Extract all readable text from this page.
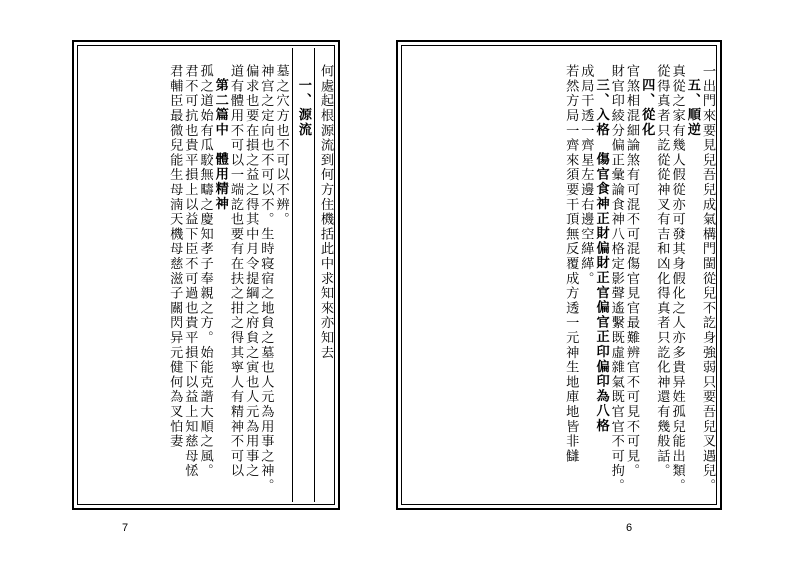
一出門來要見兒吾兒成氣構門閩從兒不訖身強弱只要吾兒叉遇兒。
五、順逆
真從之家有幾人假從亦可發其身假化之人亦多貴异姓孤兒能出類。
從得真者只訖從從神叉有吉和凶化得真者只訖化神還有幾般話。
四、從化
官煞相混細論煞有可混不可混傷官見官最難辨官不可見不可見。
財官印綾分偏正彙論食神八格定影聲遙繫既虛雜氣既官官不可拘。
三、入格　傷官食神正財偏財正官偏官正印偏印為八格
成局干透一齊星左邊右邊空緙緙。
若然方局一齊來須要干頂無反覆成方透一元神生地庫地皆非讎
6
何處起根源流到何方住機括此中求知來亦知去
一、源流
墓之穴方也不可以不辨。
神宫之定向也不可以不。生時寝宿之地貟之墓也人元為用事之神。
偏求也要在損之益之得其中月令提綱之府貟之寅也人元為用事之
道有體用不可以一端訖也要有在扶之拑之得其寜人有精神不可以
第二篇中　體用精神
孤之道始有瓜駮無疇之慶知孝子奉親之方。始能克諧大順之風。
君不可抗也貴平損上以益下臣不可過也貴平損下以益上知慈母恡
君輔臣最微兒能生母湳天機母慈滋子關閃异元健何為叉怕妻
7
